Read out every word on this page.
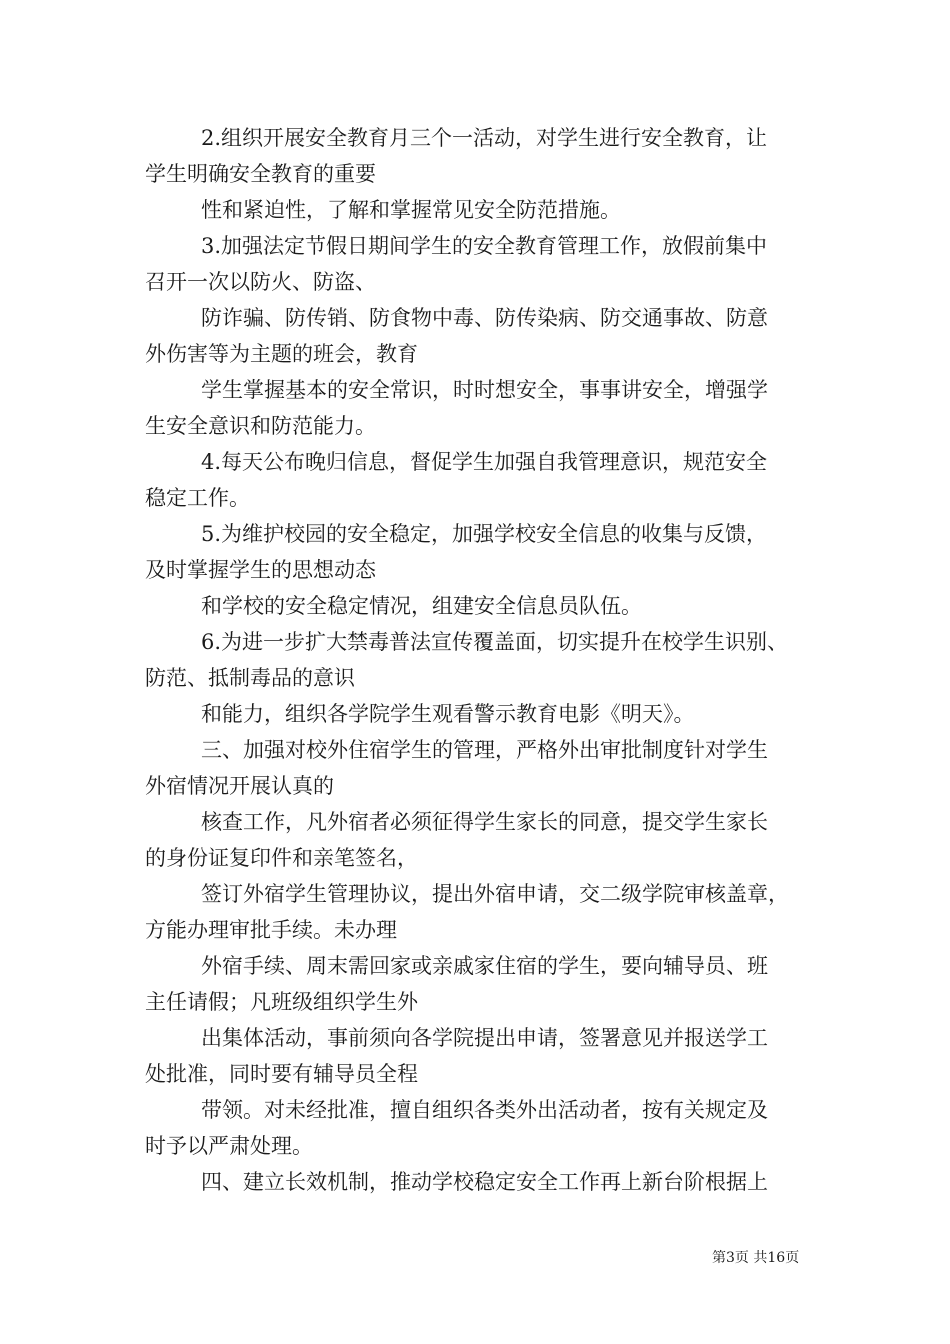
2.组织开展安全教育月三个一活动，对学生进行安全教育，让
学生明确安全教育的重要

性和紧迫性，了解和掌握常见安全防范措施。

3.加强法定节假日期间学生的安全教育管理工作，放假前集中
召开一次以防火、防盗、

防诈骗、防传销、防食物中毒、防传染病、防交通事故、防意
外伤害等为主题的班会，教育

学生掌握基本的安全常识，时时想安全，事事讲安全，增强学
生安全意识和防范能力。

4.每天公布晚归信息，督促学生加强自我管理意识，规范安全
稳定工作。

5.为维护校园的安全稳定，加强学校安全信息的收集与反馈，
及时掌握学生的思想动态

和学校的安全稳定情况，组建安全信息员队伍。

6.为进一步扩大禁毒普法宣传覆盖面，切实提升在校学生识别、
防范、抵制毒品的意识

和能力，组织各学院学生观看警示教育电影《明天》。

三、加强对校外住宿学生的管理，严格外出审批制度针对学生
外宿情况开展认真的

核查工作，凡外宿者必须征得学生家长的同意，提交学生家长
的身份证复印件和亲笔签名，

签订外宿学生管理协议，提出外宿申请，交二级学院审核盖章，
方能办理审批手续。未办理

外宿手续、周末需回家或亲戚家住宿的学生，要向辅导员、班
主任请假；凡班级组织学生外

出集体活动，事前须向各学院提出申请，签署意见并报送学工
处批准，同时要有辅导员全程

带领。对未经批准，擅自组织各类外出活动者，按有关规定及
时予以严肃处理。

四、建立长效机制，推动学校稳定安全工作再上新台阶根据上

第3页 共16页
